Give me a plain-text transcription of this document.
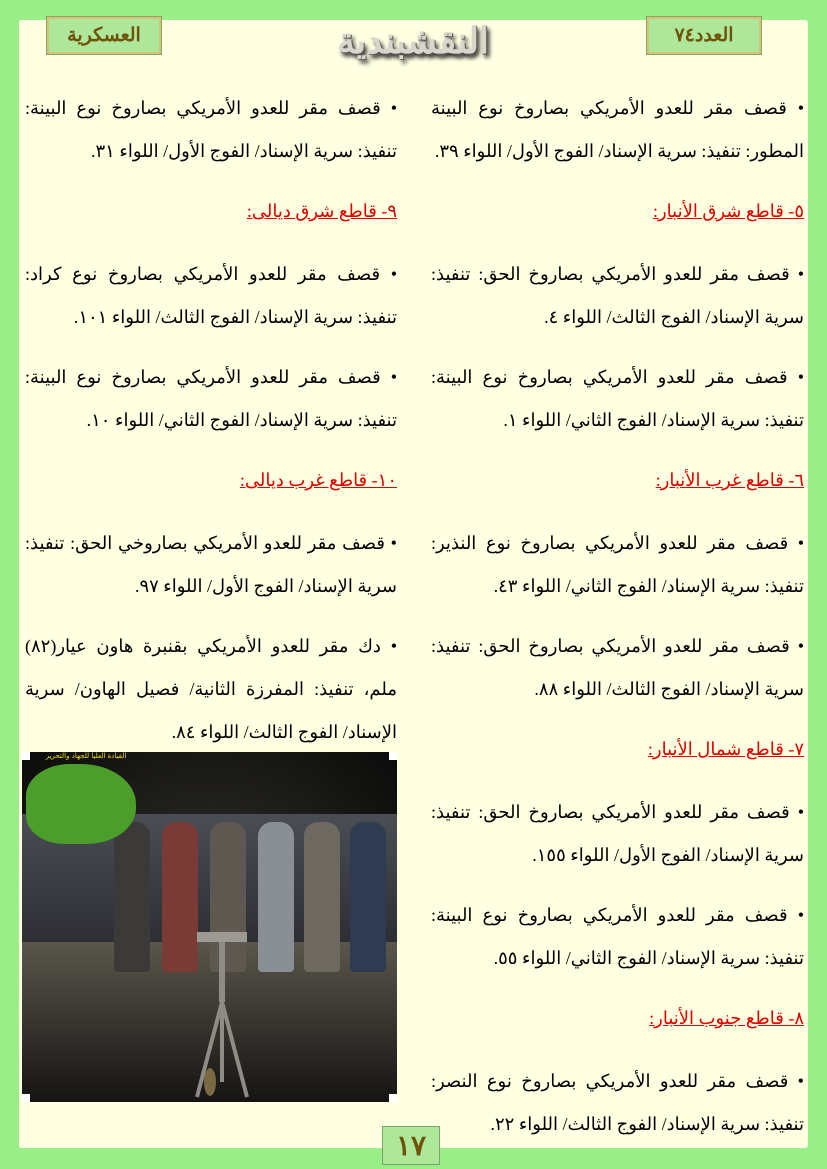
العسكرية	النقشبندية	العدد٧٤

• قصف مقر للعدو الأمريكي بصاروخ نوع البينة المطور: تنفيذ: سرية الإسناد/ الفوج الأول/ اللواء ٣٩.

٥- قاطع شرق الأنبار:

• قصف مقر للعدو الأمريكي بصاروخ الحق: تنفيذ: سرية الإسناد/ الفوج الثالث/ اللواء ٤.

• قصف مقر للعدو الأمريكي بصاروخ نوع البينة: تنفيذ: سرية الإسناد/ الفوج الثاني/ اللواء ١.

٦- قاطع غرب الأنبار:

• قصف مقر للعدو الأمريكي بصاروخ نوع النذير: تنفيذ: سرية الإسناد/ الفوج الثاني/ اللواء ٤٣.

• قصف مقر للعدو الأمريكي بصاروخ الحق: تنفيذ: سرية الإسناد/ الفوج الثالث/ اللواء ٨٨.

٧- قاطع شمال الأنبار:

• قصف مقر للعدو الأمريكي بصاروخ الحق: تنفيذ: سرية الإسناد/ الفوج الأول/ اللواء ١٥٥.

• قصف مقر للعدو الأمريكي بصاروخ نوع البينة: تنفيذ: سرية الإسناد/ الفوج الثاني/ اللواء ٥٥.

٨- قاطع جنوب الأنبار:

• قصف مقر للعدو الأمريكي بصاروخ نوع النصر: تنفيذ: سرية الإسناد/ الفوج الثالث/ اللواء ٢٢.

• قصف مقر للعدو الأمريكي بصاروخ نوع البينة: تنفيذ: سرية الإسناد/ الفوج الأول/ اللواء ٣١.

٩- قاطع شرق ديالى:

• قصف مقر للعدو الأمريكي بصاروخ نوع كراد: تنفيذ: سرية الإسناد/ الفوج الثالث/ اللواء ١٠١.

• قصف مقر للعدو الأمريكي بصاروخ نوع البينة: تنفيذ: سرية الإسناد/ الفوج الثاني/ اللواء ١٠.

١٠- قاطع غرب ديالى:

• قصف مقر للعدو الأمريكي بصاروخي الحق: تنفيذ: سرية الإسناد/ الفوج الأول/ اللواء ٩٧.

• دك مقر للعدو الأمريكي بقنبرة هاون عيار(٨٢) ملم، تنفيذ: المفرزة الثانية/ فصيل الهاون/ سرية الإسناد/ الفوج الثالث/ اللواء ٨٤.

القيادة العليا للجهاد والتحرير
١٧
